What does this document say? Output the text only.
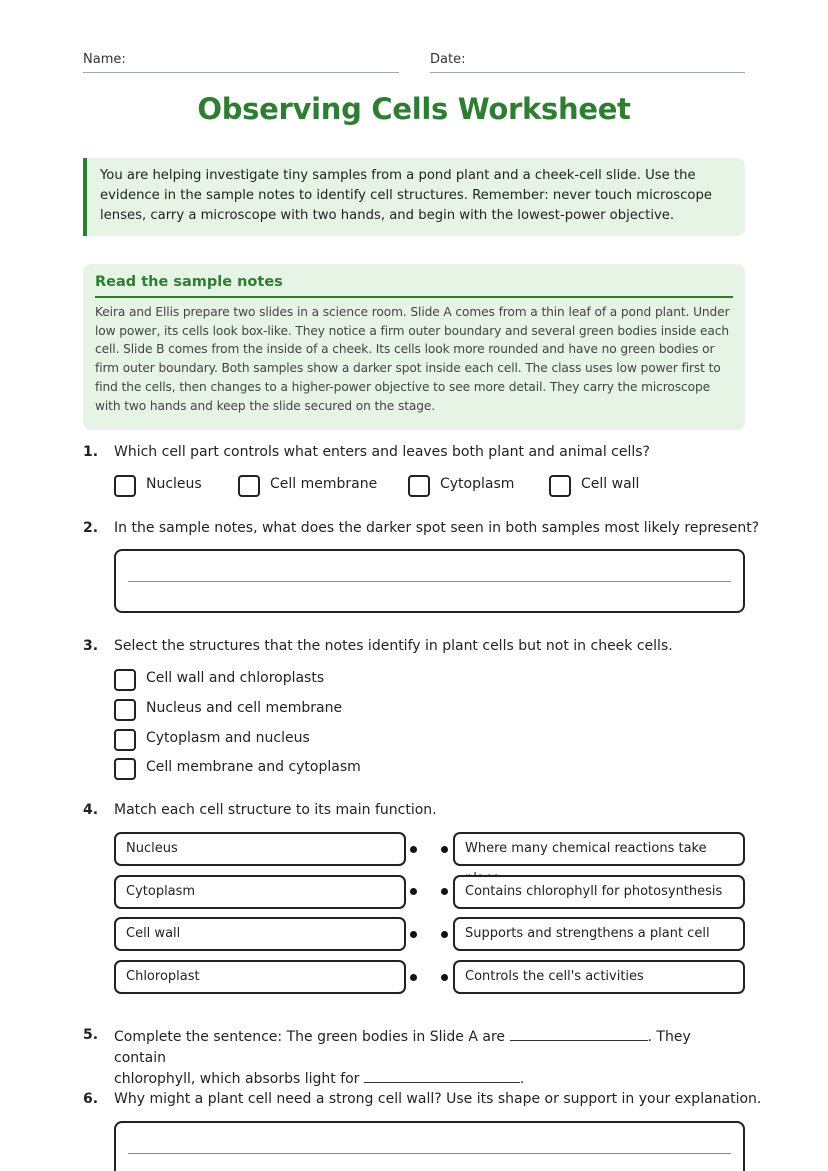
Name:	Date:
Observing Cells Worksheet
You are helping investigate tiny samples from a pond plant and a cheek-cell slide. Use the evidence in the sample notes to identify cell structures. Remember: never touch microscope lenses, carry a microscope with two hands, and begin with the lowest-power objective.
Read the sample notes
Keira and Ellis prepare two slides in a science room. Slide A comes from a thin leaf of a pond plant. Under low power, its cells look box-like. They notice a firm outer boundary and several green bodies inside each cell. Slide B comes from the inside of a cheek. Its cells look more rounded and have no green bodies or firm outer boundary. Both samples show a darker spot inside each cell. The class uses low power first to find the cells, then changes to a higher-power objective to see more detail. They carry the microscope with two hands and keep the slide secured on the stage.
1. Which cell part controls what enters and leaves both plant and animal cells?
Nucleus	Cell membrane	Cytoplasm	Cell wall
2. In the sample notes, what does the darker spot seen in both samples most likely represent?
3. Select the structures that the notes identify in plant cells but not in cheek cells.
Cell wall and chloroplasts
Nucleus and cell membrane
Cytoplasm and nucleus
Cell membrane and cytoplasm
4. Match each cell structure to its main function.
Nucleus	Where many chemical reactions take
Cytoplasm	Contains chlorophyll for photosynthesis
Cell wall	Supports and strengthens a plant cell
Chloroplast	Controls the cell's activities
5. Complete the sentence: The green bodies in Slide A are	. They contain
chlorophyll, which absorbs light for	.
6. Why might a plant cell need a strong cell wall? Use its shape or support in your explanation.
